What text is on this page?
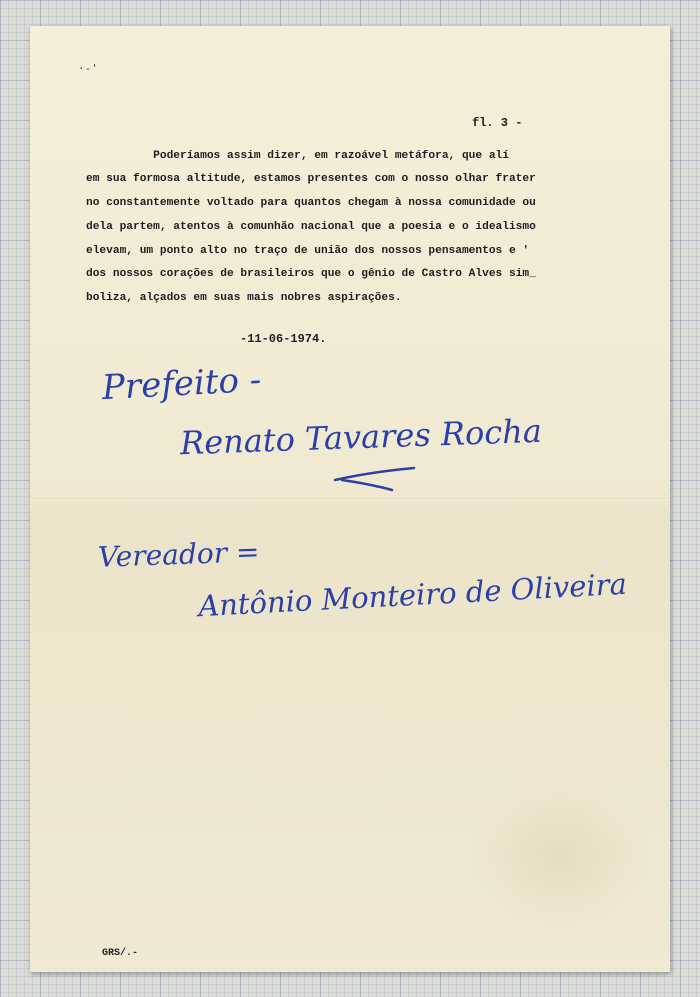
·-'
fl. 3 -
Poderíamos assim dizer, em razoável metáfora, que alí
em sua formosa altitude, estamos presentes com o nosso olhar frater
no constantemente voltado para quantos chegam à nossa comunidade ou
dela partem, atentos à comunhão nacional que a poesia e o idealismo
elevam, um ponto alto no traço de união dos nossos pensamentos e '
dos nossos corações de brasileiros que o gênio de Castro Alves sim_
boliza, alçados em suas mais nobres aspirações.
-11-06-1974.
Prefeito -
Renato Tavares Rocha
Vereador =
Antônio Monteiro de Oliveira
GRS/.-
